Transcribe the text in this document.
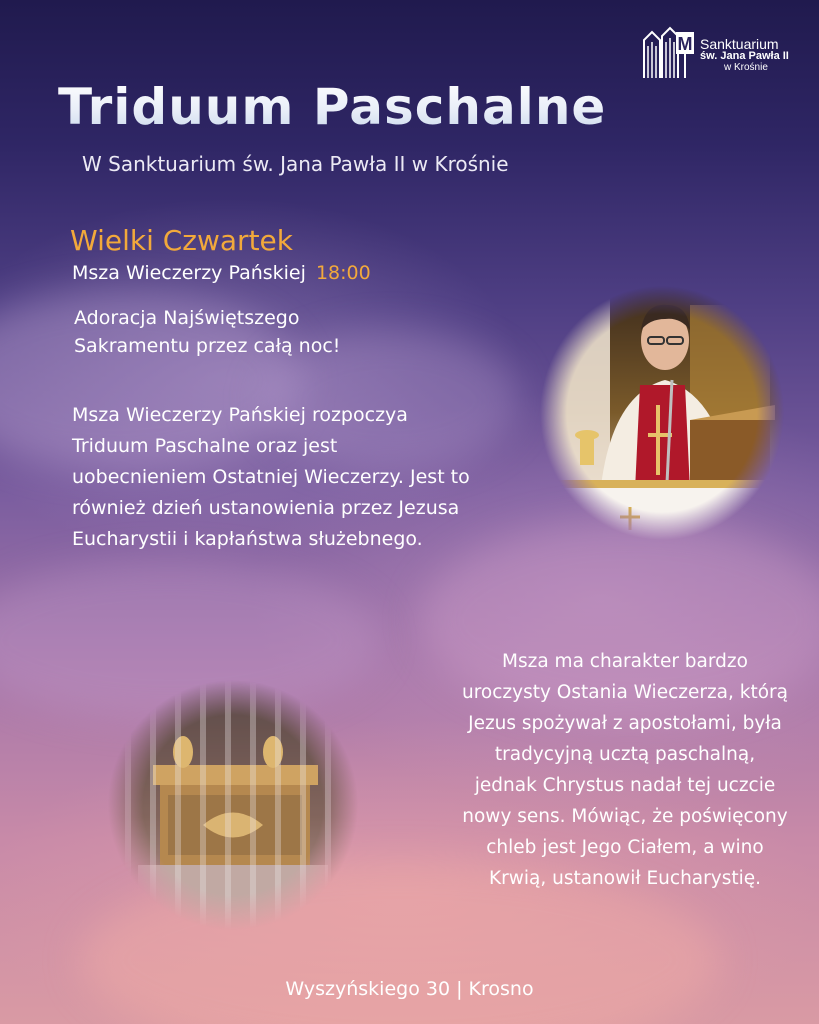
M Sanktuarium
św. Jana Pawła II
w Krośnie
Triduum Paschalne
W Sanktuarium św. Jana Pawła II w Krośnie
Wielki Czwartek
Msza Wieczerzy Pańskiej 18:00
Adoracja Najświętszego Sakramentu przez całą noc!
Msza Wieczerzy Pańskiej rozpoczya Triduum Paschalne oraz jest uobecnieniem Ostatniej Wieczerzy. Jest to również dzień ustanowienia przez Jezusa Eucharystii i kapłaństwa służebnego.
Msza ma charakter bardzo uroczysty Ostania Wieczerza, którą Jezus spożywał z apostołami, była tradycyjną ucztą paschalną, jednak Chrystus nadał tej uczcie nowy sens. Mówiąc, że poświęcony chleb jest Jego Ciałem, a wino Krwią, ustanowił Eucharystię.
Wyszyńskiego 30 | Krosno
